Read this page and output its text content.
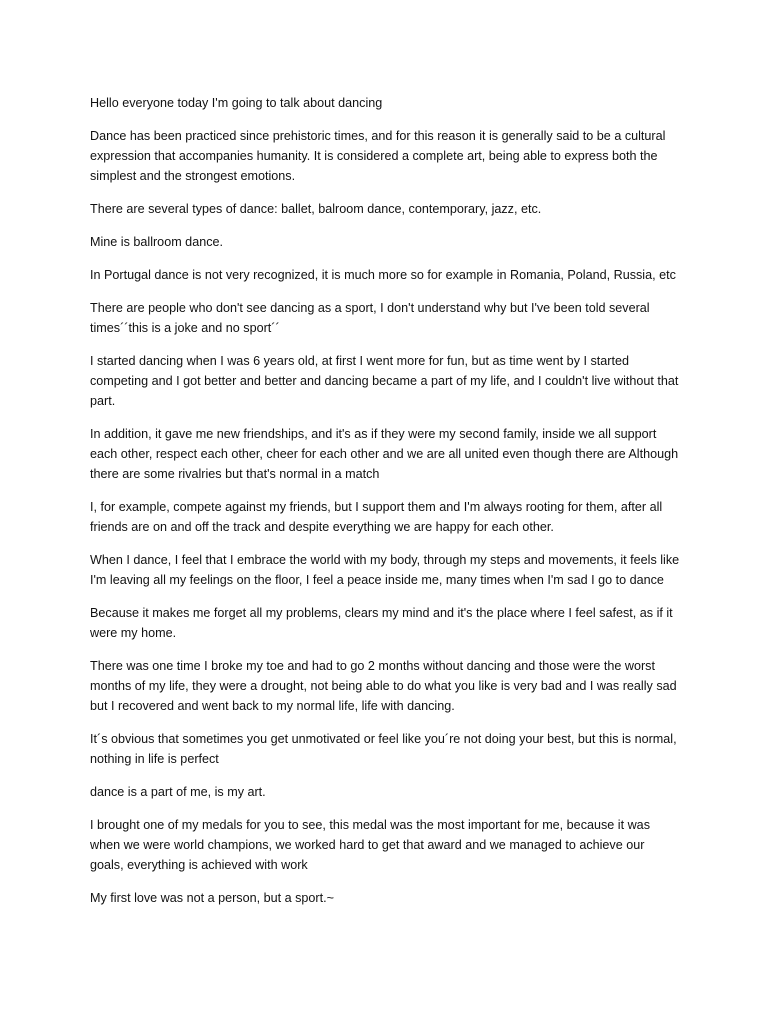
Hello everyone today I'm going to talk about dancing

Dance has been practiced since prehistoric times, and for this reason it is generally said to be a cultural expression that accompanies humanity. It is considered a complete art, being able to express both the simplest and the strongest emotions.

There are several types of dance: ballet, balroom dance, contemporary, jazz, etc.

Mine is ballroom dance.

In Portugal dance is not very recognized, it is much more so for example in Romania, Poland, Russia, etc

There are people who don't see dancing as a sport, I don't understand why but I've been told several times´´this is a joke and no sport´´

I started dancing when I was 6 years old, at first I went more for fun, but as time went by I started competing and I got better and better and dancing became a part of my life, and I couldn't live without that part.

In addition, it gave me new friendships, and it's as if they were my second family, inside we all support each other, respect each other, cheer for each other and we are all united even though there are Although there are some rivalries but that's normal in a match

I, for example, compete against my friends, but I support them and I'm always rooting for them, after all friends are on and off the track and despite everything we are happy for each other.

When I dance, I feel that I embrace the world with my body, through my steps and movements, it feels like I'm leaving all my feelings on the floor, I feel a peace inside me, many times when I'm sad I go to dance

Because it makes me forget all my problems, clears my mind and it's the place where I feel safest, as if it were my home.

There was one time I broke my toe and had to go 2 months without dancing and those were the worst months of my life, they were a drought, not being able to do what you like is very bad and I was really sad but I recovered and went back to my normal life, life with dancing.

It´s obvious that sometimes you get unmotivated or feel like you´re not doing your best, but this is normal, nothing in life is perfect

dance is a part of me, is my art.

I brought one of my medals for you to see, this medal was the most important for me, because it was when we were world champions, we worked hard to get that award and we managed to achieve our goals, everything is achieved with work

My first love was not a person, but a sport.~
